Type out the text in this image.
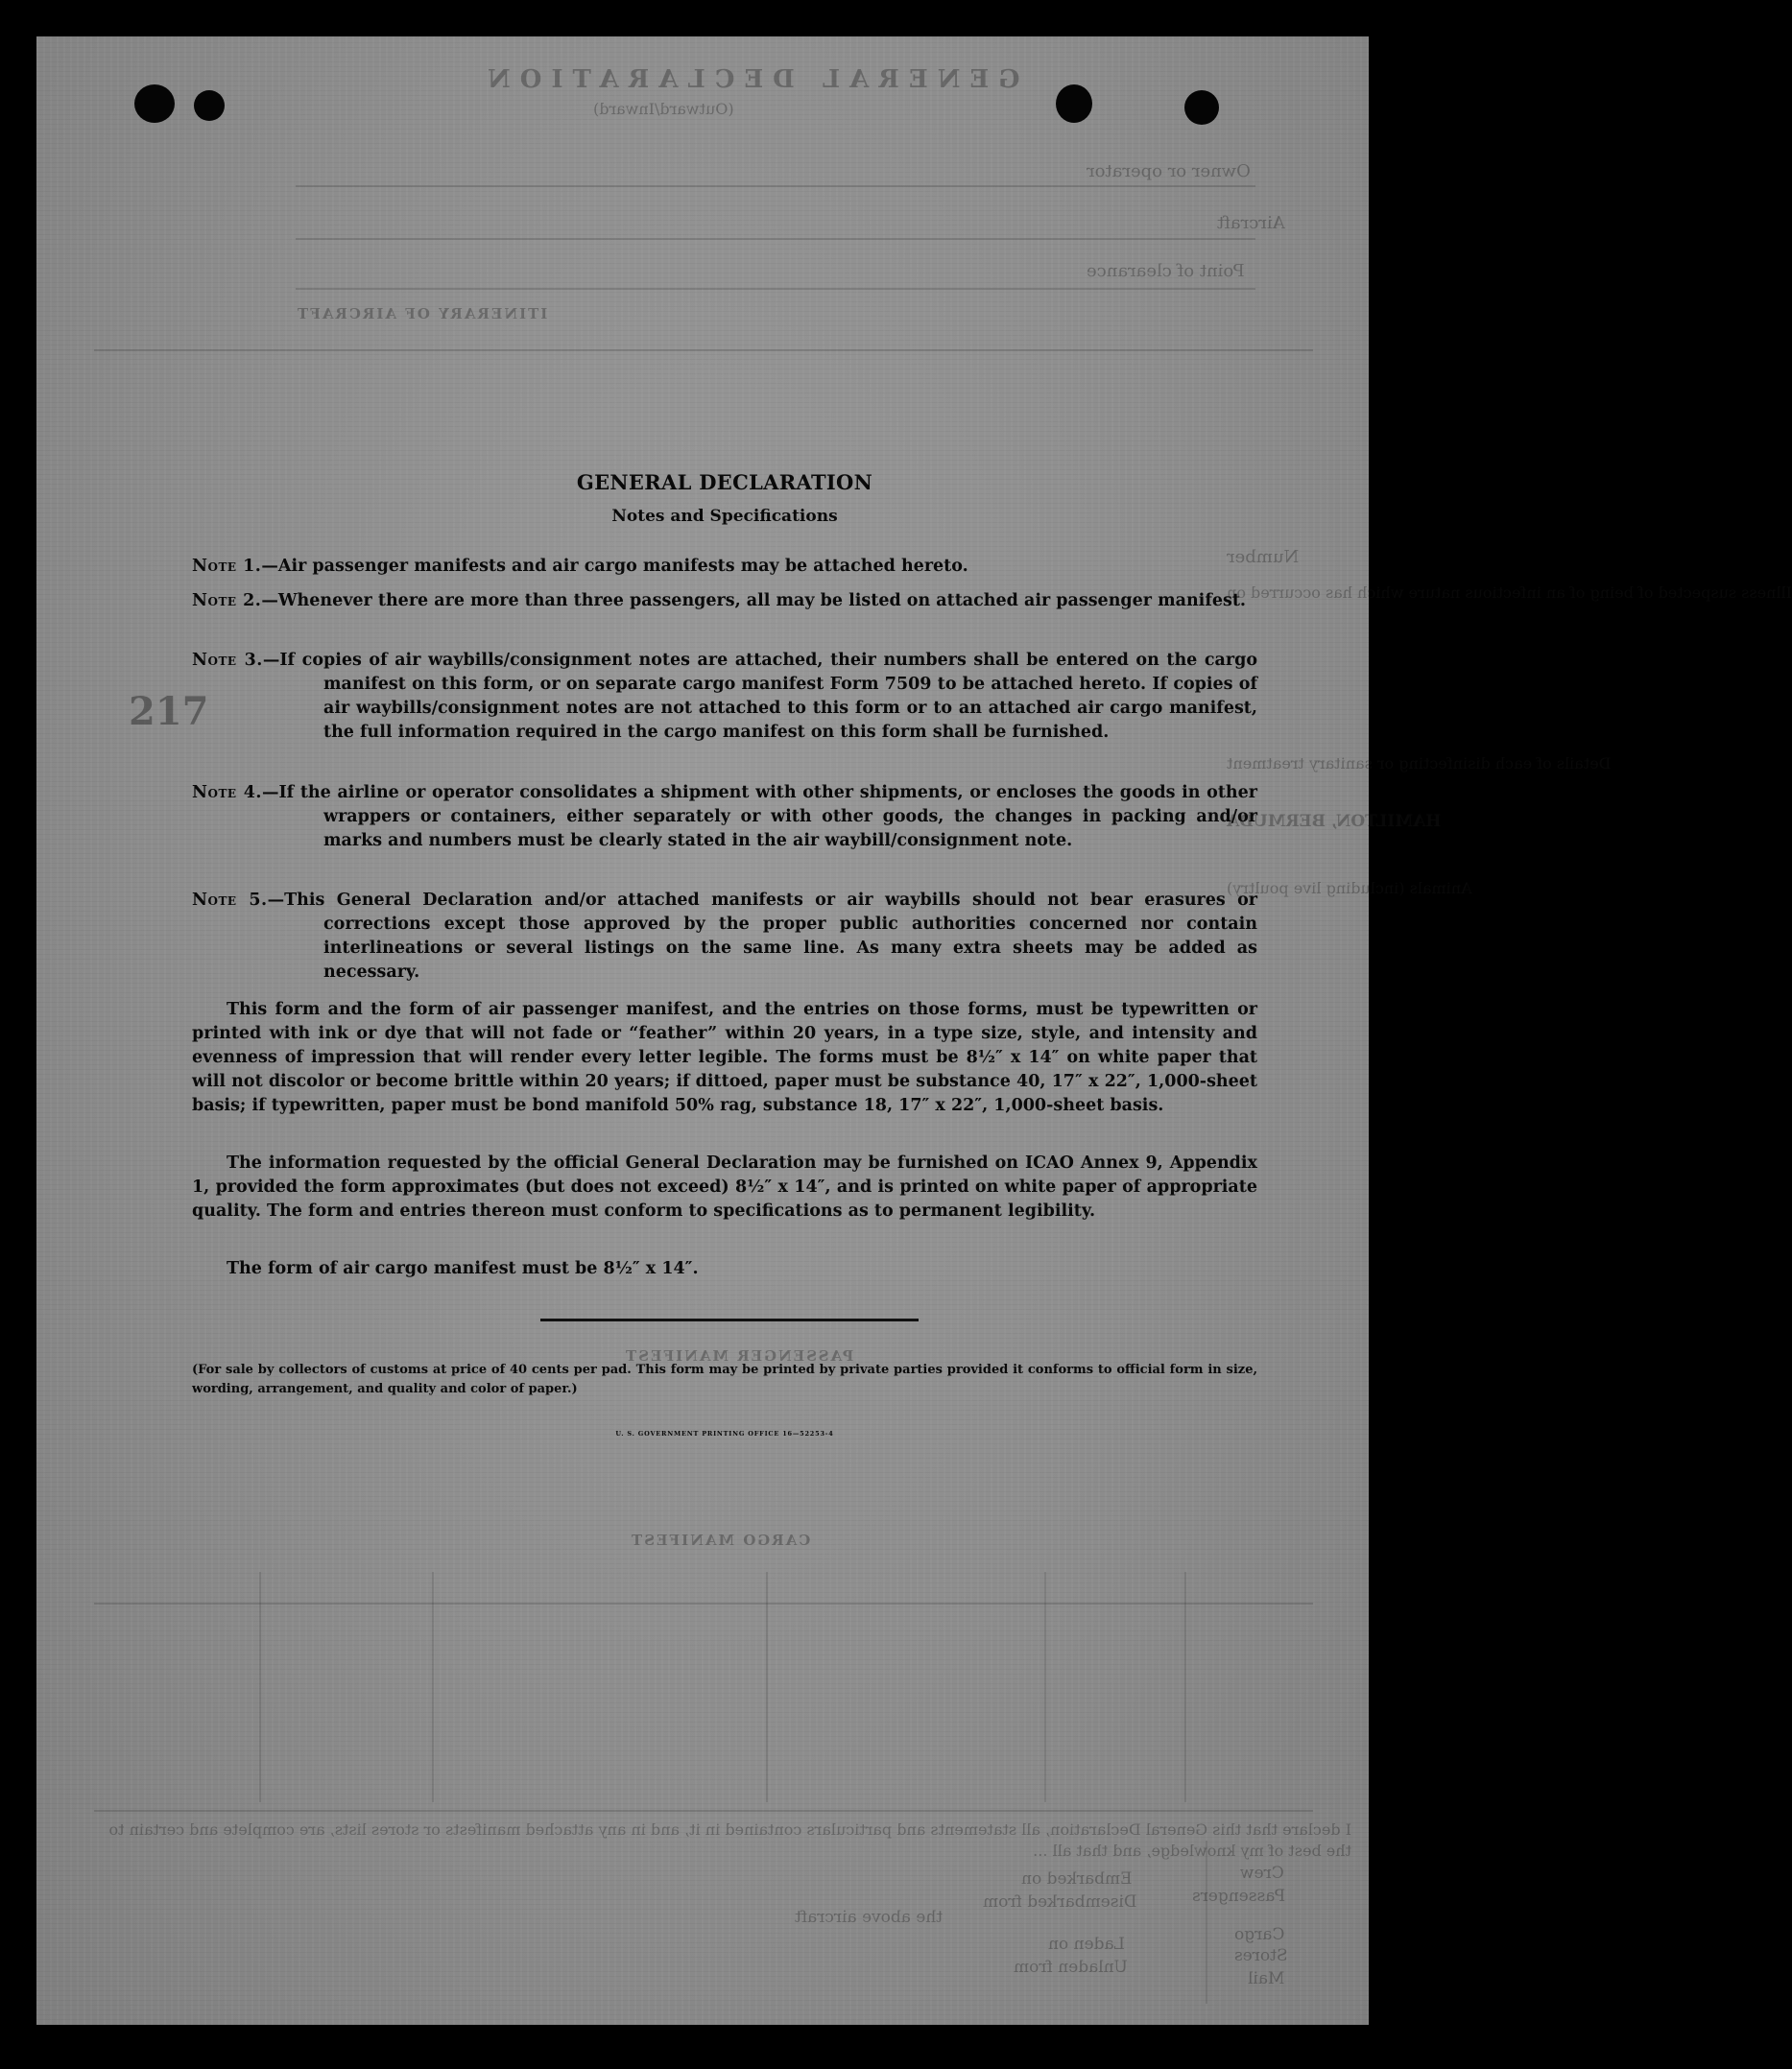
GENERAL DECLARATION
(Outward/Inward)
Owner or operator
Aircraft
Point of clearance
ITINERARY OF AIRCRAFT
Number
Illness suspected of being of an infectious nature which has occurred on
Details of each disinfecting or sanitary treatment
HAMILTON, BERMUDA
Animals (including live poultry)
217
PASSENGER MANIFEST
CARGO MANIFEST
I declare that this General Declaration, all statements and particulars contained in it, and in any attached manifests or stores lists, are complete and certain to the best of my knowledge, and that all ...
Crew
Passengers
Cargo
Stores
Mail
Embarked on
Disembarked from
the above aircraft
Laden on
Unladen from
GENERAL DECLARATION
Notes and Specifications
Note 1.—Air passenger manifests and air cargo manifests may be attached hereto.
Note 2.—Whenever there are more than three passengers, all may be listed on attached air passenger manifest.
Note 3.—If copies of air waybills/consignment notes are attached, their numbers shall be entered on the cargo manifest on this form, or on separate cargo manifest Form 7509 to be attached hereto. If copies of air waybills/consignment notes are not attached to this form or to an attached air cargo manifest, the full information required in the cargo manifest on this form shall be furnished.
Note 4.—If the airline or operator consolidates a shipment with other shipments, or encloses the goods in other wrappers or containers, either separately or with other goods, the changes in packing and/or marks and numbers must be clearly stated in the air waybill/consignment note.
Note 5.—This General Declaration and/or attached manifests or air waybills should not bear erasures or corrections except those approved by the proper public authorities concerned nor contain interlineations or several listings on the same line. As many extra sheets may be added as necessary.
This form and the form of air passenger manifest, and the entries on those forms, must be typewritten or printed with ink or dye that will not fade or “feather” within 20 years, in a type size, style, and intensity and evenness of impression that will render every letter legible. The forms must be 8½″ x 14″ on white paper that will not discolor or become brittle within 20 years; if dittoed, paper must be substance 40, 17″ x 22″, 1,000-sheet basis; if typewritten, paper must be bond manifold 50% rag, substance 18, 17″ x 22″, 1,000-sheet basis.
The information requested by the official General Declaration may be furnished on ICAO Annex 9, Appendix 1, provided the form approximates (but does not exceed) 8½″ x 14″, and is printed on white paper of appropriate quality. The form and entries thereon must conform to specifications as to permanent legibility.
The form of air cargo manifest must be 8½″ x 14″.
(For sale by collectors of customs at price of 40 cents per pad. This form may be printed by private parties provided it conforms to official form in size, wording, arrangement, and quality and color of paper.)
U. S. GOVERNMENT PRINTING OFFICE 16—52253-4
